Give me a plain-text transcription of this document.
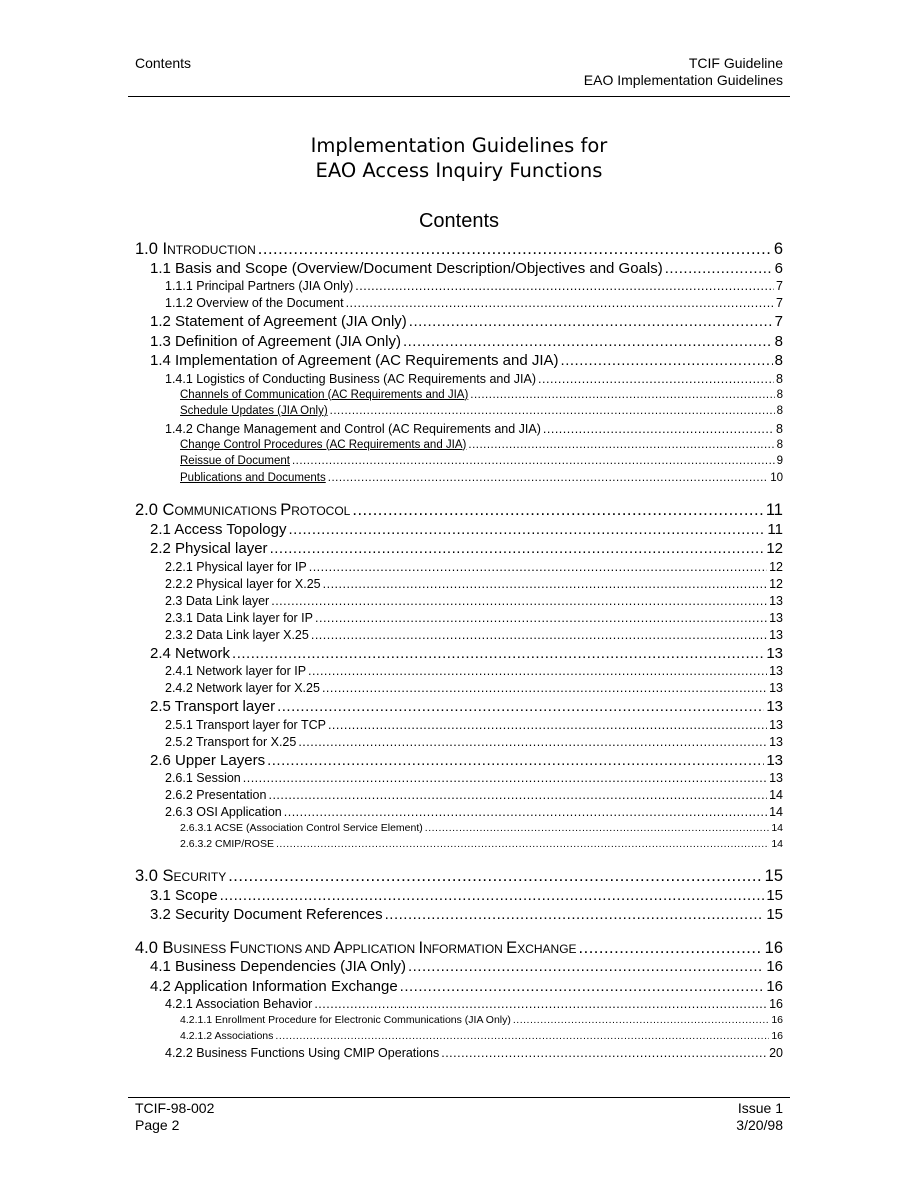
Contents	TCIF Guideline
EAO Implementation Guidelines
Implementation Guidelines for
EAO Access Inquiry Functions
Contents
1.0 INTRODUCTION .....	6
1.1 Basis and Scope (Overview/Document Description/Objectives and Goals) .....	6
1.1.1 Principal Partners (JIA Only) .....	7
1.1.2 Overview of the Document .....	7
1.2 Statement of Agreement (JIA Only) .....	7
1.3 Definition of Agreement (JIA Only) .....	8
1.4 Implementation of Agreement (AC Requirements and JIA) .....	8
1.4.1 Logistics of Conducting Business (AC Requirements and JIA) .....	8
Channels of Communication (AC Requirements and JIA) .....	8
Schedule Updates (JIA Only) .....	8
1.4.2 Change Management and Control (AC Requirements and JIA) .....	8
Change Control Procedures (AC Requirements and JIA) .....	8
Reissue of Document .....	9
Publications and Documents .....	10
2.0 COMMUNICATIONS PROTOCOL .....	11
2.1 Access Topology .....	11
2.2 Physical layer .....	12
2.2.1 Physical layer for IP .....	12
2.2.2 Physical layer for X.25 .....	12
2.3 Data Link layer .....	13
2.3.1 Data Link layer for IP .....	13
2.3.2 Data Link layer X.25 .....	13
2.4 Network .....	13
2.4.1 Network layer for IP .....	13
2.4.2 Network layer for X.25 .....	13
2.5 Transport layer .....	13
2.5.1 Transport layer for TCP .....	13
2.5.2 Transport for X.25 .....	13
2.6 Upper Layers .....	13
2.6.1 Session .....	13
2.6.2 Presentation .....	14
2.6.3 OSI Application .....	14
2.6.3.1 ACSE (Association Control Service Element) .....	14
2.6.3.2 CMIP/ROSE .....	14
3.0 SECURITY .....	15
3.1 Scope .....	15
3.2 Security Document References .....	15
4.0 BUSINESS FUNCTIONS AND APPLICATION INFORMATION EXCHANGE .....	16
4.1 Business Dependencies (JIA Only) .....	16
4.2 Application Information Exchange .....	16
4.2.1 Association Behavior .....	16
4.2.1.1 Enrollment Procedure for Electronic Communications (JIA Only) .....	16
4.2.1.2 Associations .....	16
4.2.2 Business Functions Using CMIP Operations .....	20
TCIF-98-002
Page 2
Issue 1
3/20/98
